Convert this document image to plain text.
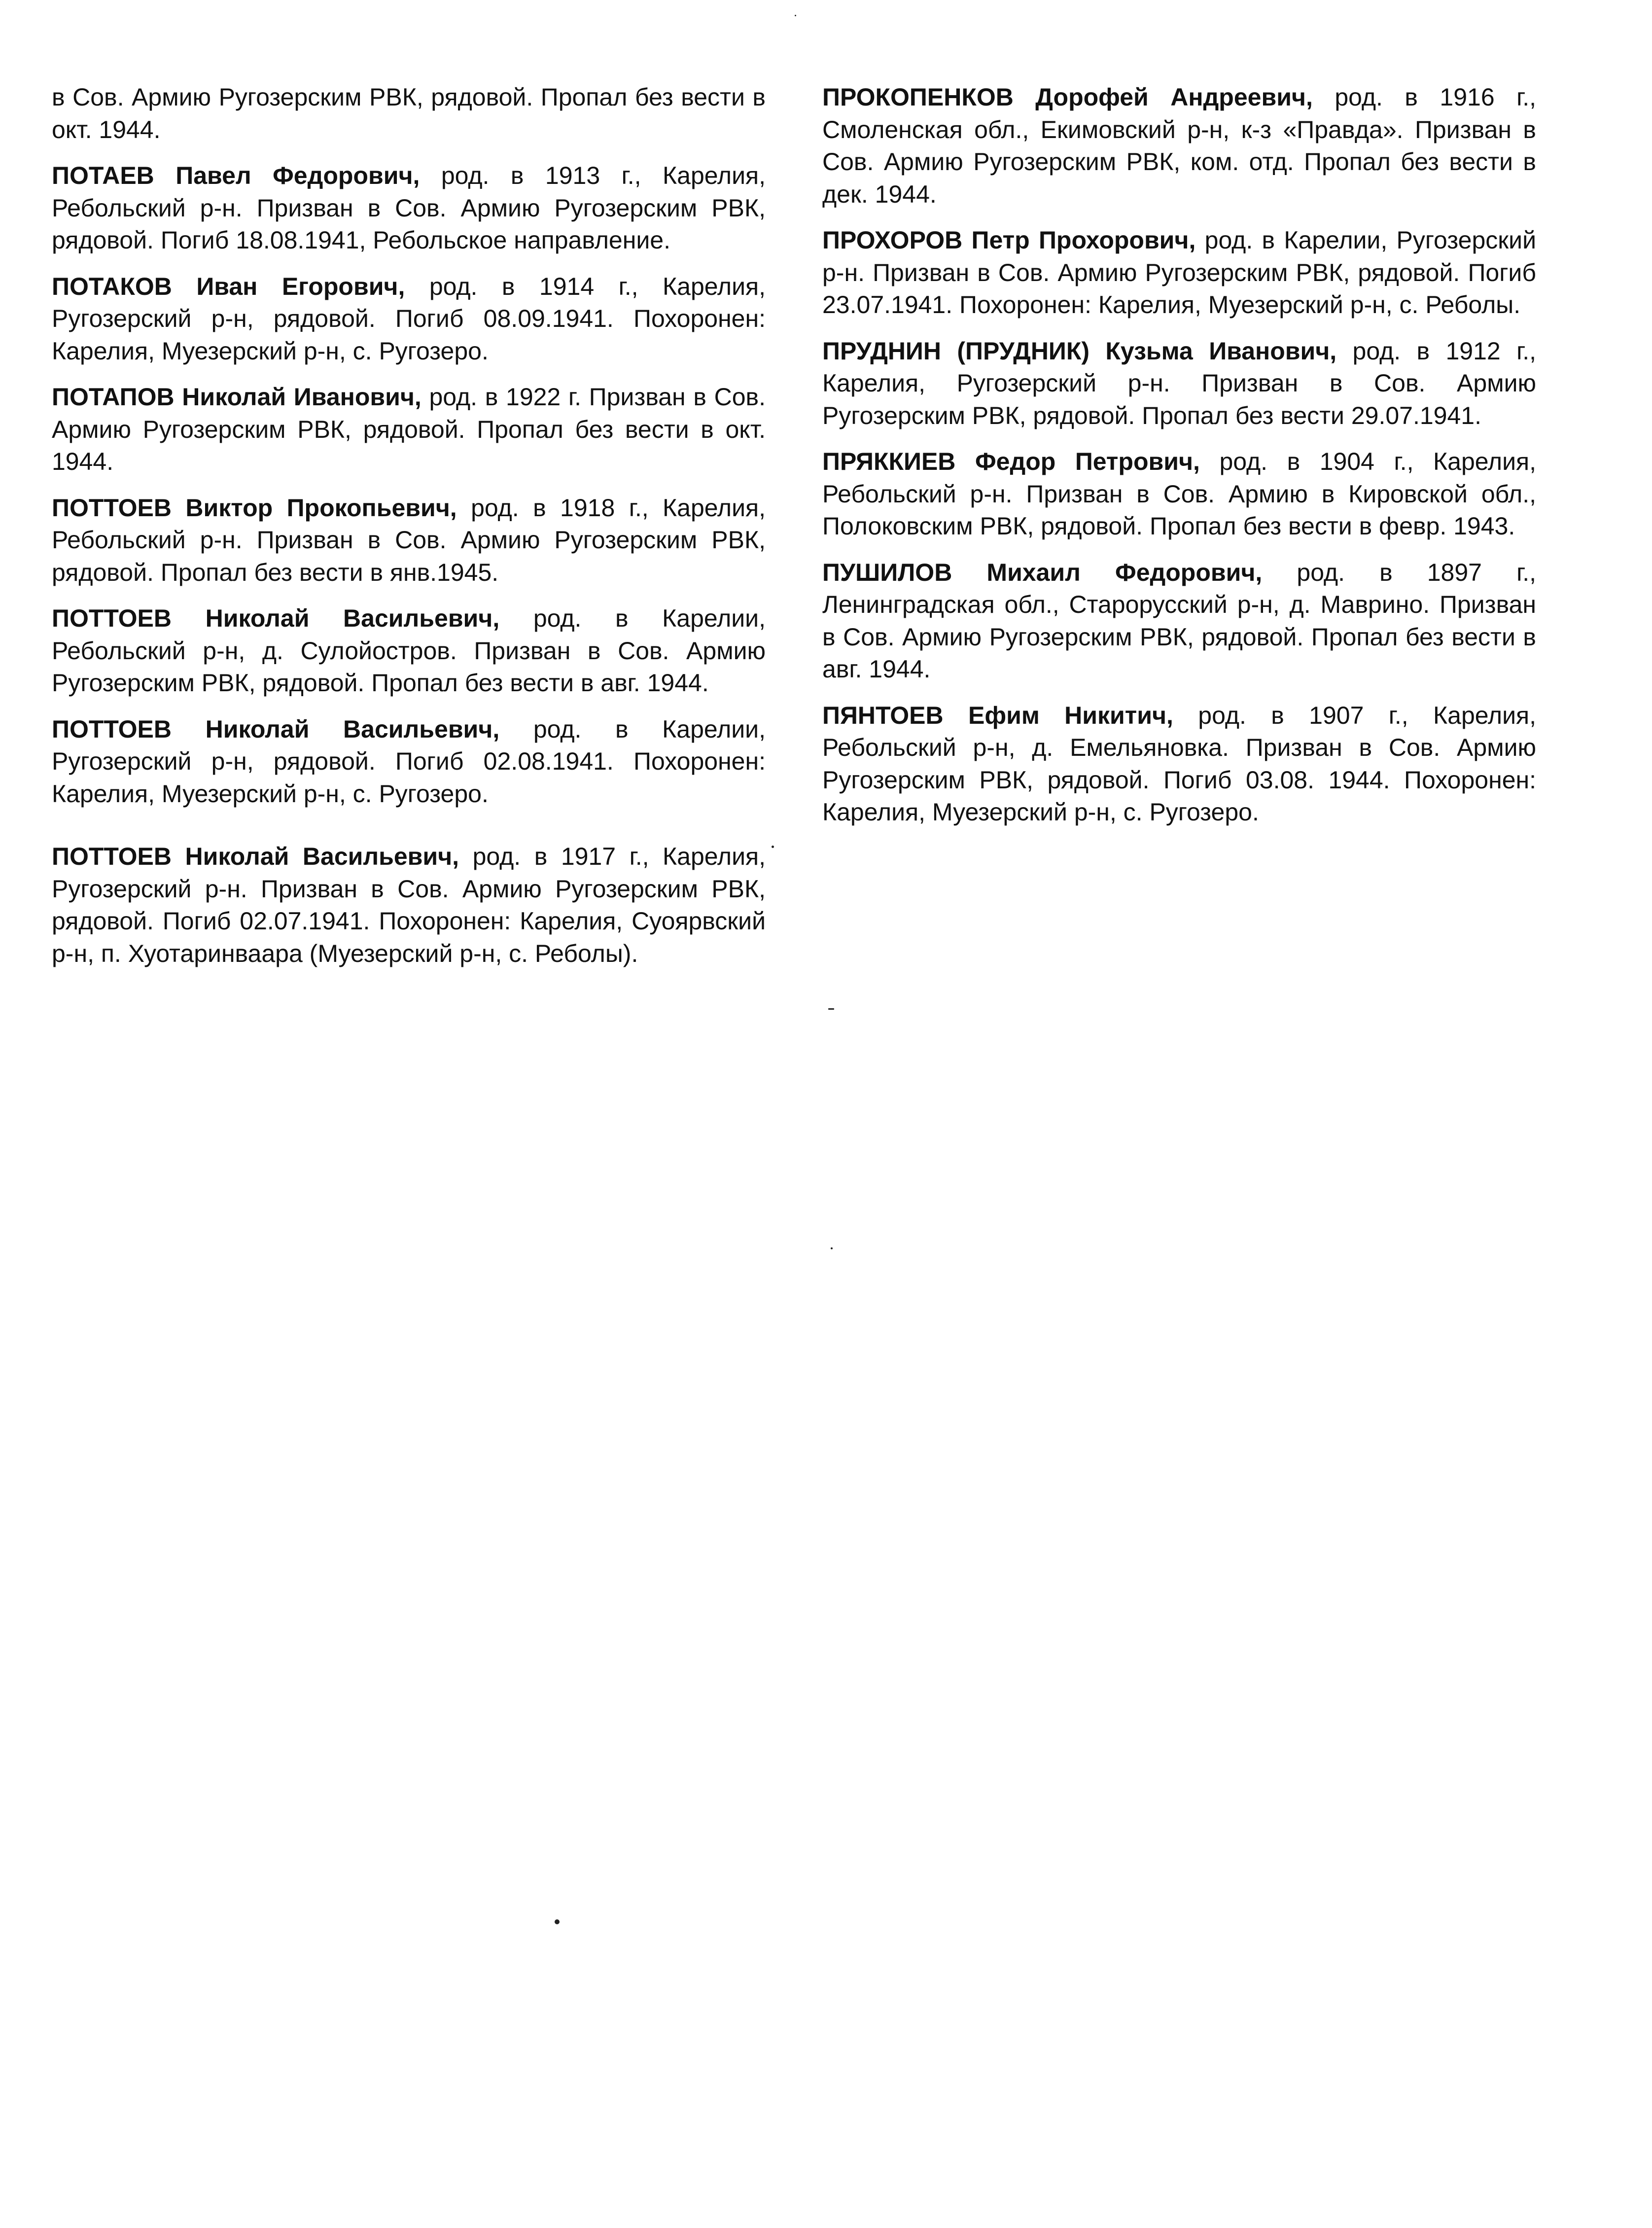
в Сов. Армию Ругозерским РВК, рядовой. Пропал без вести в окт. 1944.

ПОТАЕВ Павел Федорович, род. в 1913 г., Карелия, Ребольский р-н. Призван в Сов. Армию Ругозерским РВК, рядовой. Погиб 18.08.1941, Ребольское направление.

ПОТАКОВ Иван Егорович, род. в 1914 г., Карелия, Ругозерский р-н, рядовой. Погиб 08.09.1941. Похоронен: Карелия, Муезерский р-н, с. Ругозеро.

ПОТАПОВ Николай Иванович, род. в 1922 г. Призван в Сов. Армию Ругозерским РВК, рядовой. Пропал без вести в окт. 1944.

ПОТТОЕВ Виктор Прокопьевич, род. в 1918 г., Карелия, Ребольский р-н. Призван в Сов. Армию Ругозерским РВК, рядовой. Пропал без вести в янв.1945.

ПОТТОЕВ Николай Васильевич, род. в Карелии, Ребольский р-н, д. Сулойостров. Призван в Сов. Армию Ругозерским РВК, рядовой. Пропал без вести в авг. 1944.

ПОТТОЕВ Николай Васильевич, род. в Карелии, Ругозерский р-н, рядовой. Погиб 02.08.1941. Похоронен: Карелия, Муезерский р-н, с. Ругозеро.

ПОТТОЕВ Николай Васильевич, род. в 1917 г., Карелия, Ругозерский р-н. Призван в Сов. Армию Ругозерским РВК, рядовой. Погиб 02.07.1941. Похоронен: Карелия, Суоярвский р-н, п. Хуотаринваара (Муезерский р-н, с. Реболы).

ПРОКОПЕНКОВ Дорофей Андреевич, род. в 1916 г., Смоленская обл., Екимовский р-н, к-з «Правда». Призван в Сов. Армию Ругозерским РВК, ком. отд. Пропал без вести в дек. 1944.

ПРОХОРОВ Петр Прохорович, род. в Карелии, Ругозерский р-н. Призван в Сов. Армию Ругозерским РВК, рядовой. Погиб 23.07.1941. Похоронен: Карелия, Муезерский р-н, с. Реболы.

ПРУДНИН (ПРУДНИК) Кузьма Иванович, род. в 1912 г., Карелия, Ругозерский р-н. Призван в Сов. Армию Ругозерским РВК, рядовой. Пропал без вести 29.07.1941.

ПРЯККИЕВ Федор Петрович, род. в 1904 г., Карелия, Ребольский р-н. Призван в Сов. Армию в Кировской обл., Полоковским РВК, рядовой. Пропал без вести в февр. 1943.

ПУШИЛОВ Михаил Федорович, род. в 1897 г., Ленинградская обл., Старорусский р-н, д. Маврино. Призван в Сов. Армию Ругозерским РВК, рядовой. Пропал без вести в авг. 1944.

ПЯНТОЕВ Ефим Никитич, род. в 1907 г., Карелия, Ребольский р-н, д. Емельяновка. Призван в Сов. Армию Ругозерским РВК, рядовой. Погиб 03.08. 1944. Похоронен: Карелия, Муезерский р-н, с. Ругозеро.
